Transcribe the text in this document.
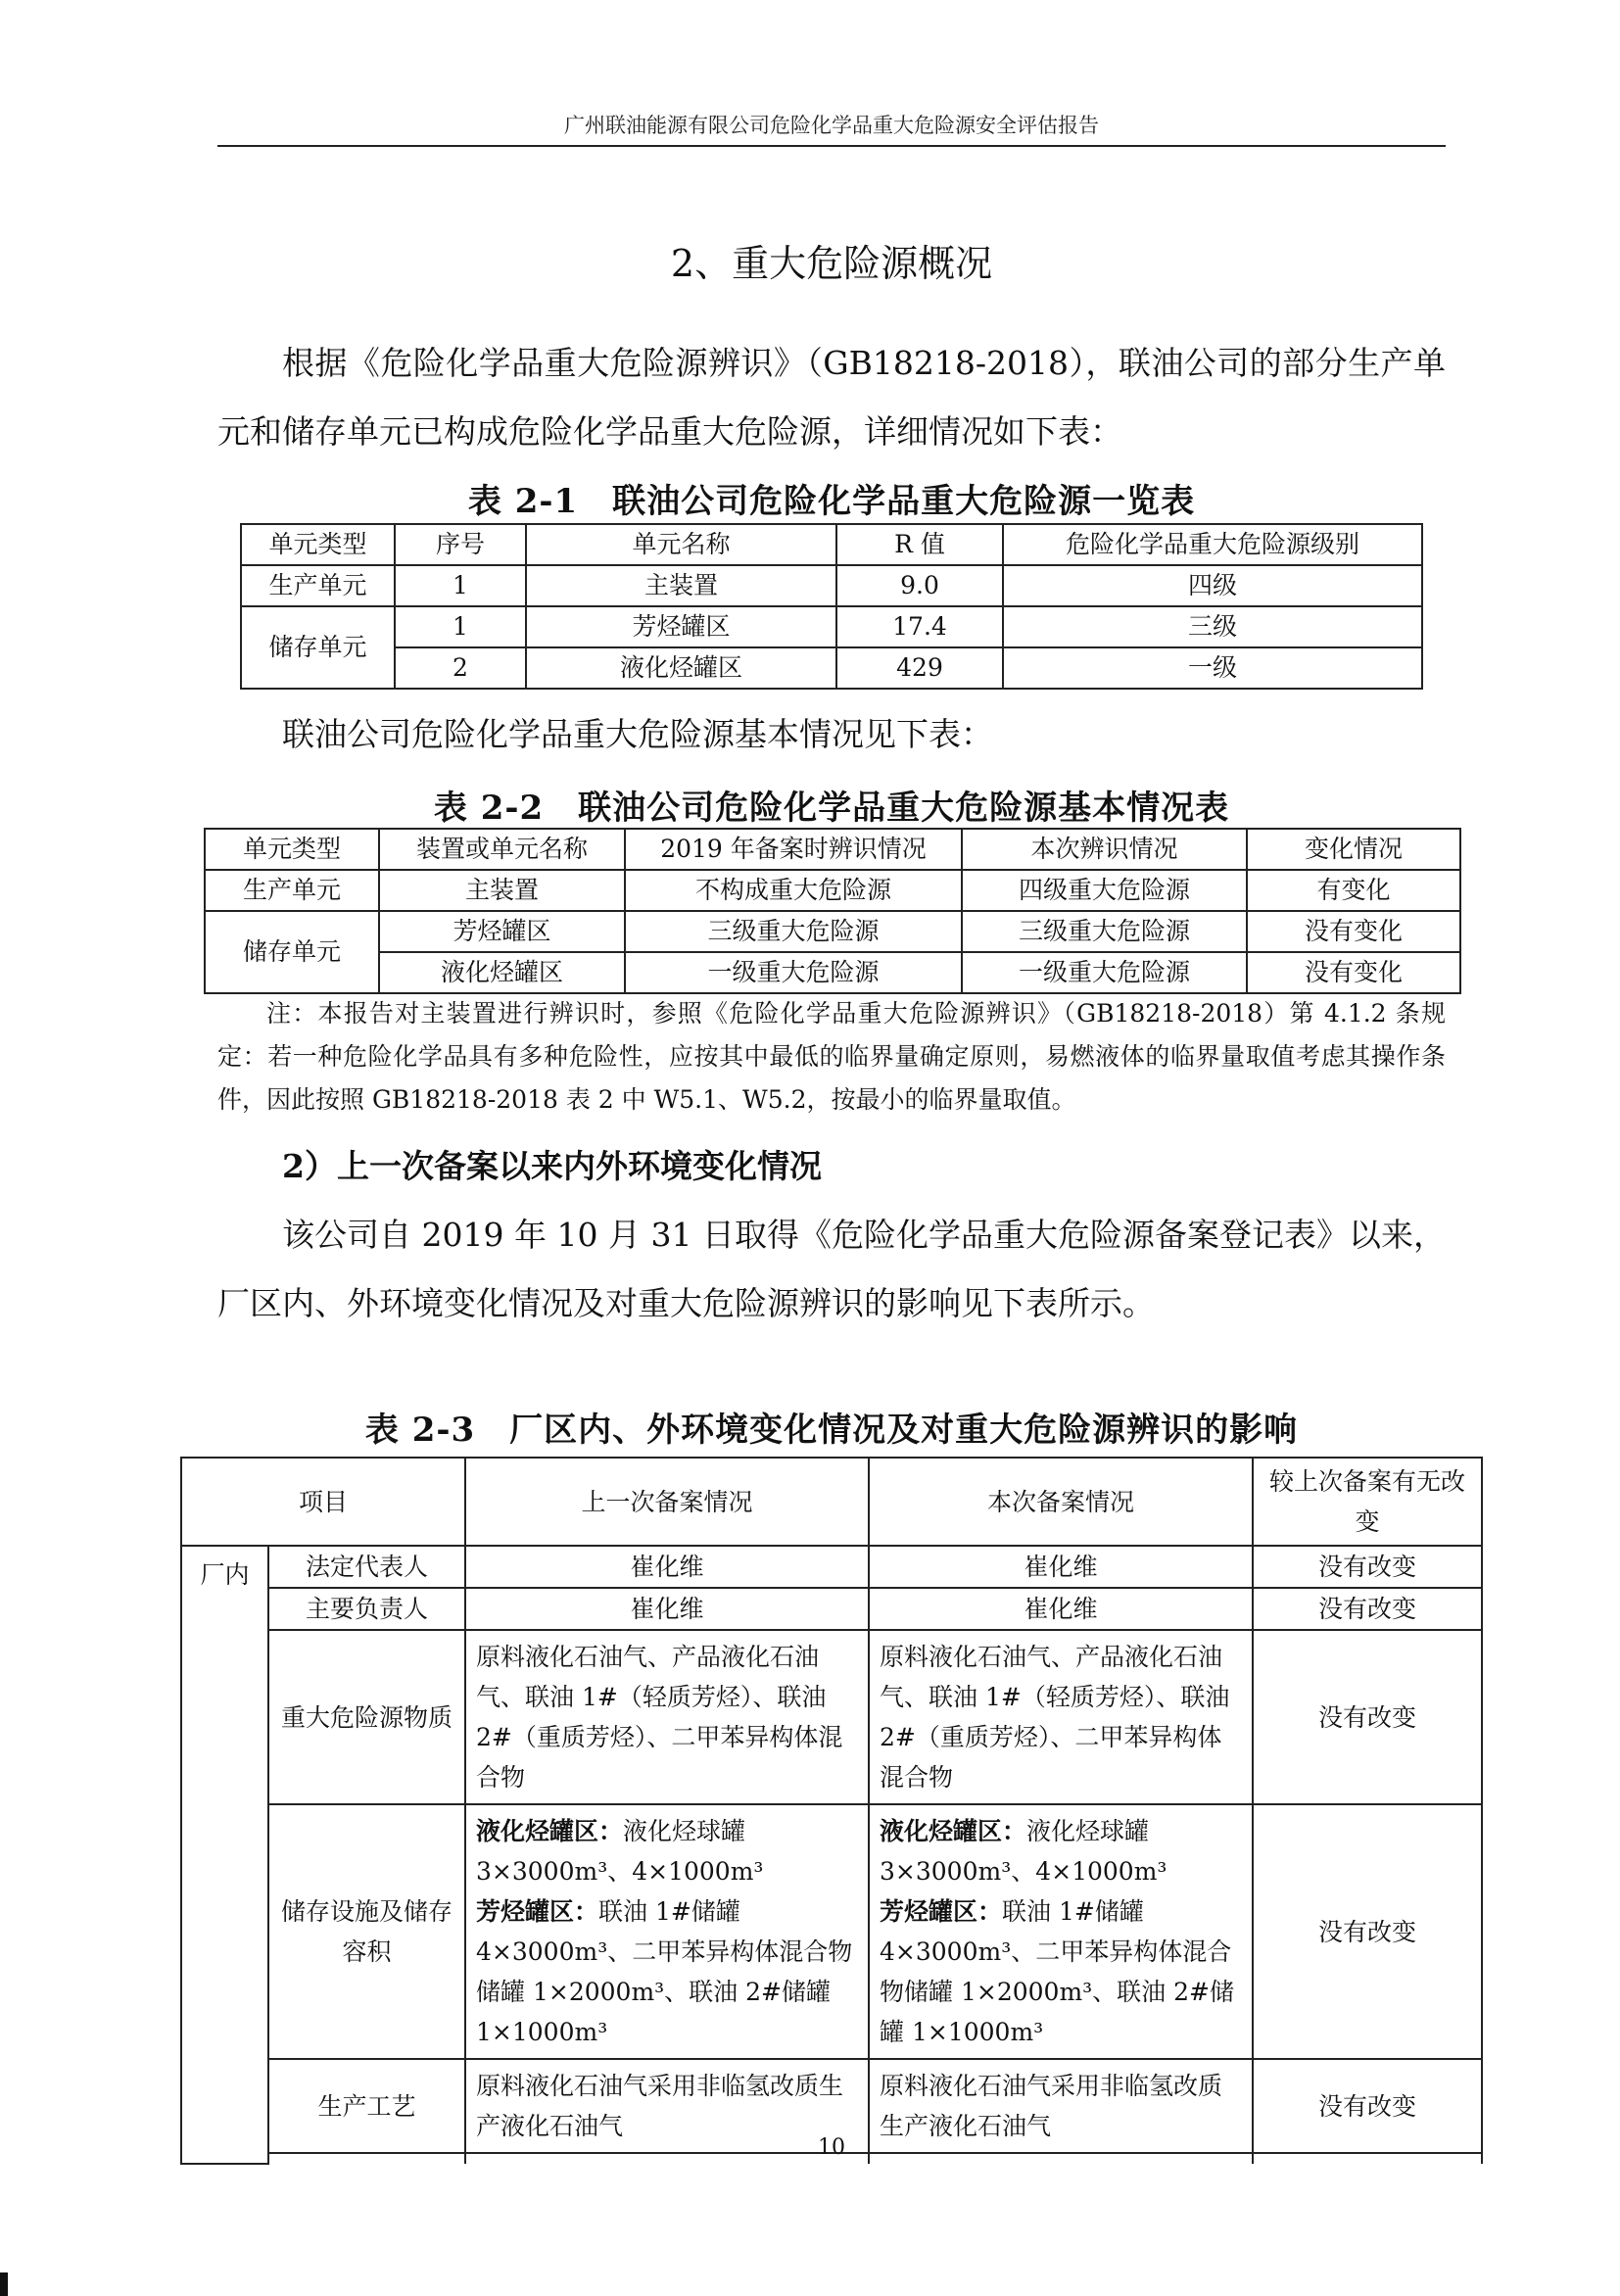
广州联油能源有限公司危险化学品重大危险源安全评估报告
2、重大危险源概况

根据《危险化学品重大危险源辨识》（GB18218-2018），联油公司的部分生产单元和储存单元已构成危险化学品重大危险源，详细情况如下表：

表 2-1　联油公司危险化学品重大危险源一览表
单元类型	序号	单元名称	R 值	危险化学品重大危险源级别
生产单元	1	主装置	9.0	四级
储存单元	1	芳烃罐区	17.4	三级
	2	液化烃罐区	429	一级

联油公司危险化学品重大危险源基本情况见下表：

表 2-2　联油公司危险化学品重大危险源基本情况表
单元类型	装置或单元名称	2019 年备案时辨识情况	本次辨识情况	变化情况
生产单元	主装置	不构成重大危险源	四级重大危险源	有变化
储存单元	芳烃罐区	三级重大危险源	三级重大危险源	没有变化
	液化烃罐区	一级重大危险源	一级重大危险源	没有变化

注：本报告对主装置进行辨识时，参照《危险化学品重大危险源辨识》（GB18218-2018）第 4.1.2 条规定：若一种危险化学品具有多种危险性，应按其中最低的临界量确定原则，易燃液体的临界量取值考虑其操作条件，因此按照 GB18218-2018 表 2 中 W5.1、W5.2，按最小的临界量取值。

2）上一次备案以来内外环境变化情况

该公司自 2019 年 10 月 31 日取得《危险化学品重大危险源备案登记表》以来，厂区内、外环境变化情况及对重大危险源辨识的影响见下表所示。

表 2-3　厂区内、外环境变化情况及对重大危险源辨识的影响
项目		上一次备案情况	本次备案情况	较上次备案有无改变
厂内	法定代表人	崔化维	崔化维	没有改变
	主要负责人	崔化维	崔化维	没有改变
	重大危险源物质	原料液化石油气、产品液化石油气、联油 1#（轻质芳烃）、联油 2#（重质芳烃）、二甲苯异构体混合物	原料液化石油气、产品液化石油气、联油 1#（轻质芳烃）、联油 2#（重质芳烃）、二甲苯异构体混合物	没有改变
	储存设施及储存容积	液化烃罐区：液化烃球罐 3×3000m³、4×1000m³
芳烃罐区：联油 1#储罐 4×3000m³、二甲苯异构体混合物储罐 1×2000m³、联油 2#储罐 1×1000m³	液化烃罐区：液化烃球罐 3×3000m³、4×1000m³
芳烃罐区：联油 1#储罐 4×3000m³、二甲苯异构体混合物储罐 1×2000m³、联油 2#储罐 1×1000m³	没有改变
	生产工艺	原料液化石油气采用非临氢改质生产液化石油气	原料液化石油气采用非临氢改质生产液化石油气	没有改变

10
